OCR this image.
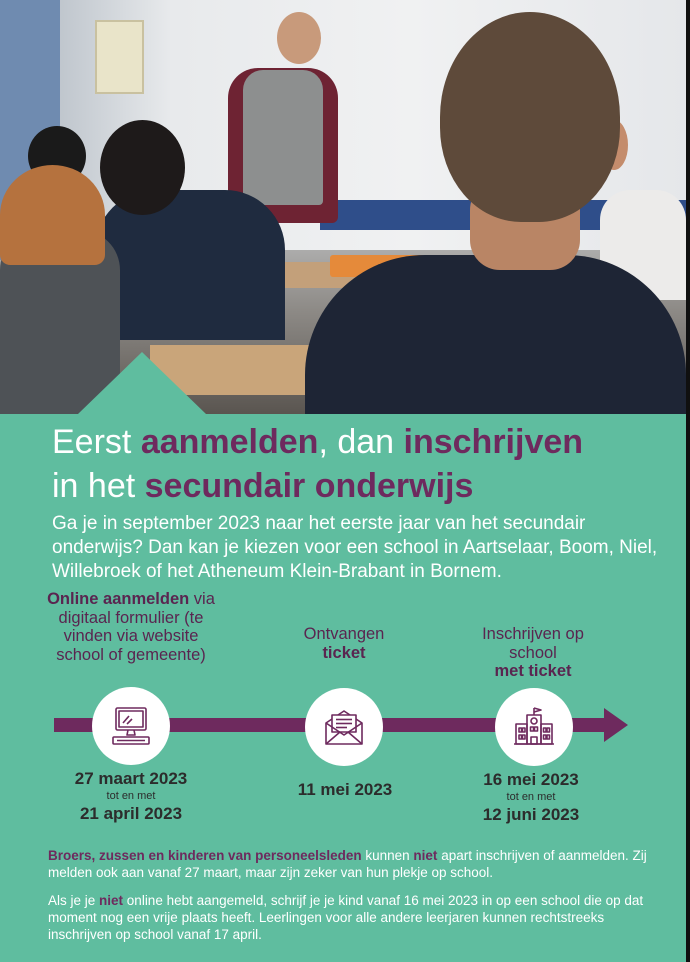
Eerst aanmelden, dan inschrijven
in het secundair onderwijs

Ga je in september 2023 naar het eerste jaar van het secundair onderwijs? Dan kan je kiezen voor een school in Aartselaar, Boom, Niel, Willebroek of het Atheneum Klein-Brabant in Bornem.

Online aanmelden via digitaal formulier (te vinden via website school of gemeente)

Ontvangen
ticket

Inschrijven op school
met ticket

27 maart 2023
tot en met
21 april 2023

11 mei 2023

16 mei 2023
tot en met
12 juni 2023

Broers, zussen en kinderen van personeelsleden kunnen niet apart inschrijven of aanmelden. Zij melden ook aan vanaf 27 maart, maar zijn zeker van hun plekje op school.

Als je je niet online hebt aangemeld, schrijf je je kind vanaf 16 mei 2023 in op een school die op dat moment nog een vrije plaats heeft. Leerlingen voor alle andere leerjaren kunnen rechtstreeks inschrijven op school vanaf 17 april.
